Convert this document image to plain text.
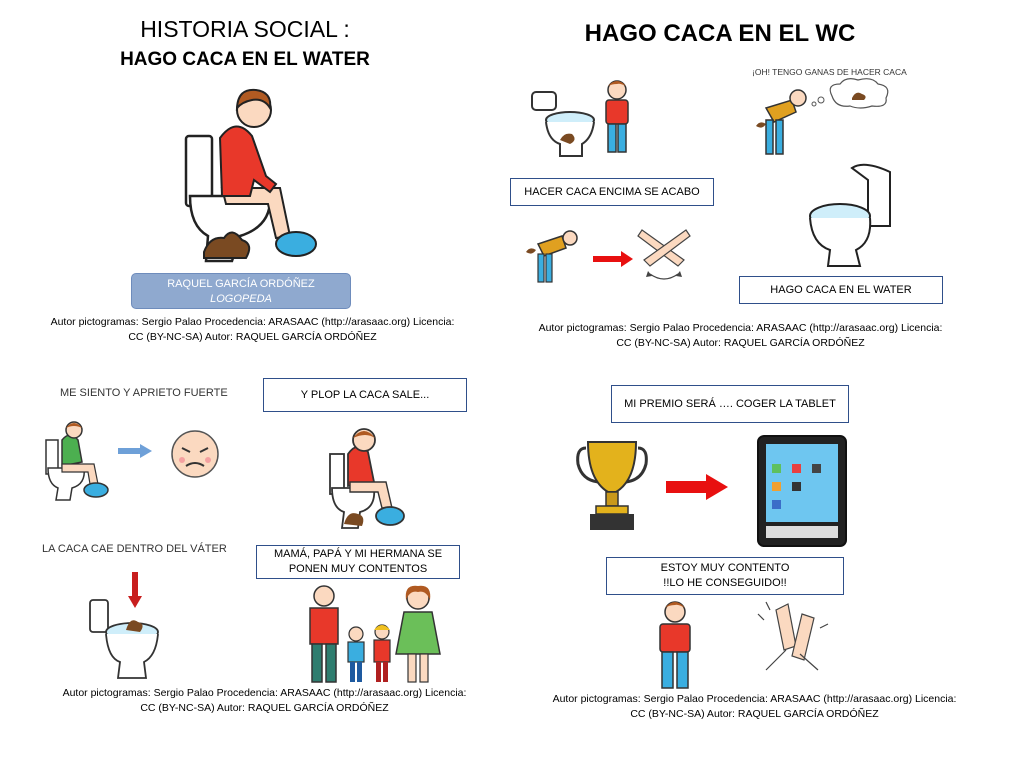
HISTORIA SOCIAL :
HAGO CACA EN EL WATER
RAQUEL GARCÍA ORDÓÑEZ
LOGOPEDA
Autor pictogramas: Sergio Palao Procedencia: ARASAAC (http://arasaac.org) Licencia:
CC (BY-NC-SA) Autor: RAQUEL GARCÍA ORDÓÑEZ
HAGO CACA EN EL WC
¡OH! TENGO GANAS DE HACER CACA
HACER CACA ENCIMA SE ACABO
HAGO CACA EN EL WATER
Autor pictogramas: Sergio Palao Procedencia: ARASAAC (http://arasaac.org) Licencia:
CC (BY-NC-SA) Autor: RAQUEL GARCÍA ORDÓÑEZ
ME SIENTO Y APRIETO FUERTE	Y PLOP LA CACA SALE...
LA CACA CAE DENTRO DEL VÁTER	MAMÁ, PAPÁ Y MI HERMANA SE
PONEN MUY CONTENTOS
Autor pictogramas: Sergio Palao Procedencia: ARASAAC (http://arasaac.org) Licencia:
CC (BY-NC-SA) Autor: RAQUEL GARCÍA ORDÓÑEZ
MI PREMIO SERÁ …. COGER LA TABLET
ESTOY MUY CONTENTO
!!LO HE CONSEGUIDO!!
Autor pictogramas: Sergio Palao Procedencia: ARASAAC (http://arasaac.org) Licencia:
CC (BY-NC-SA) Autor: RAQUEL GARCÍA ORDÓÑEZ
